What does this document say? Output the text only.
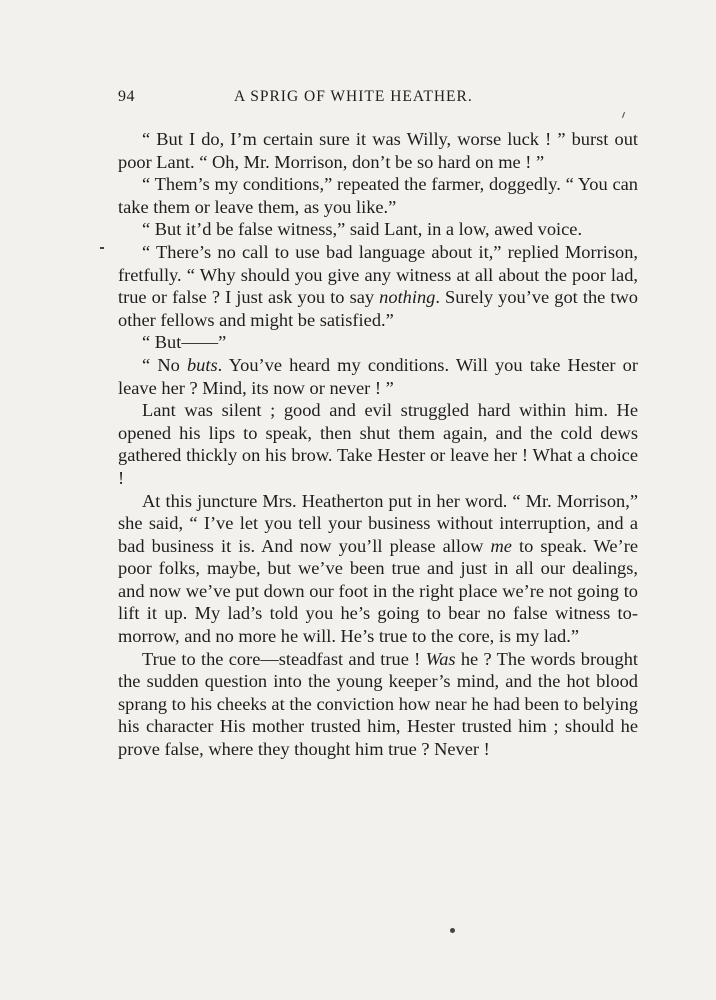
94	A SPRIG OF WHITE HEATHER.

“ But I do, I’m certain sure it was Willy, worse luck ! ” burst out poor Lant. “ Oh, Mr. Morrison, don’t be so hard on me ! ”

“ Them’s my conditions,” repeated the farmer, doggedly. “ You can take them or leave them, as you like.”

“ But it’d be false witness,” said Lant, in a low, awed voice.

“ There’s no call to use bad language about it,” replied Morrison, fretfully. “ Why should you give any witness at all about the poor lad, true or false ? I just ask you to say nothing. Surely you’ve got the two other fellows and might be satisfied.”

“ But——”

“ No buts. You’ve heard my conditions. Will you take Hester or leave her ? Mind, its now or never ! ”

Lant was silent ; good and evil struggled hard within him. He opened his lips to speak, then shut them again, and the cold dews gathered thickly on his brow. Take Hester or leave her ! What a choice !

At this juncture Mrs. Heatherton put in her word. “ Mr. Morrison,” she said, “ I’ve let you tell your business without interruption, and a bad business it is. And now you’ll please allow me to speak. We’re poor folks, maybe, but we’ve been true and just in all our dealings, and now we’ve put down our foot in the right place we’re not going to lift it up. My lad’s told you he’s going to bear no false witness to-morrow, and no more he will. He’s true to the core, is my lad.”

True to the core—steadfast and true ! Was he ? The words brought the sudden question into the young keeper’s mind, and the hot blood sprang to his cheeks at the conviction how near he had been to belying his character His mother trusted him, Hester trusted him ; should he prove false, where they thought him true ? Never !
